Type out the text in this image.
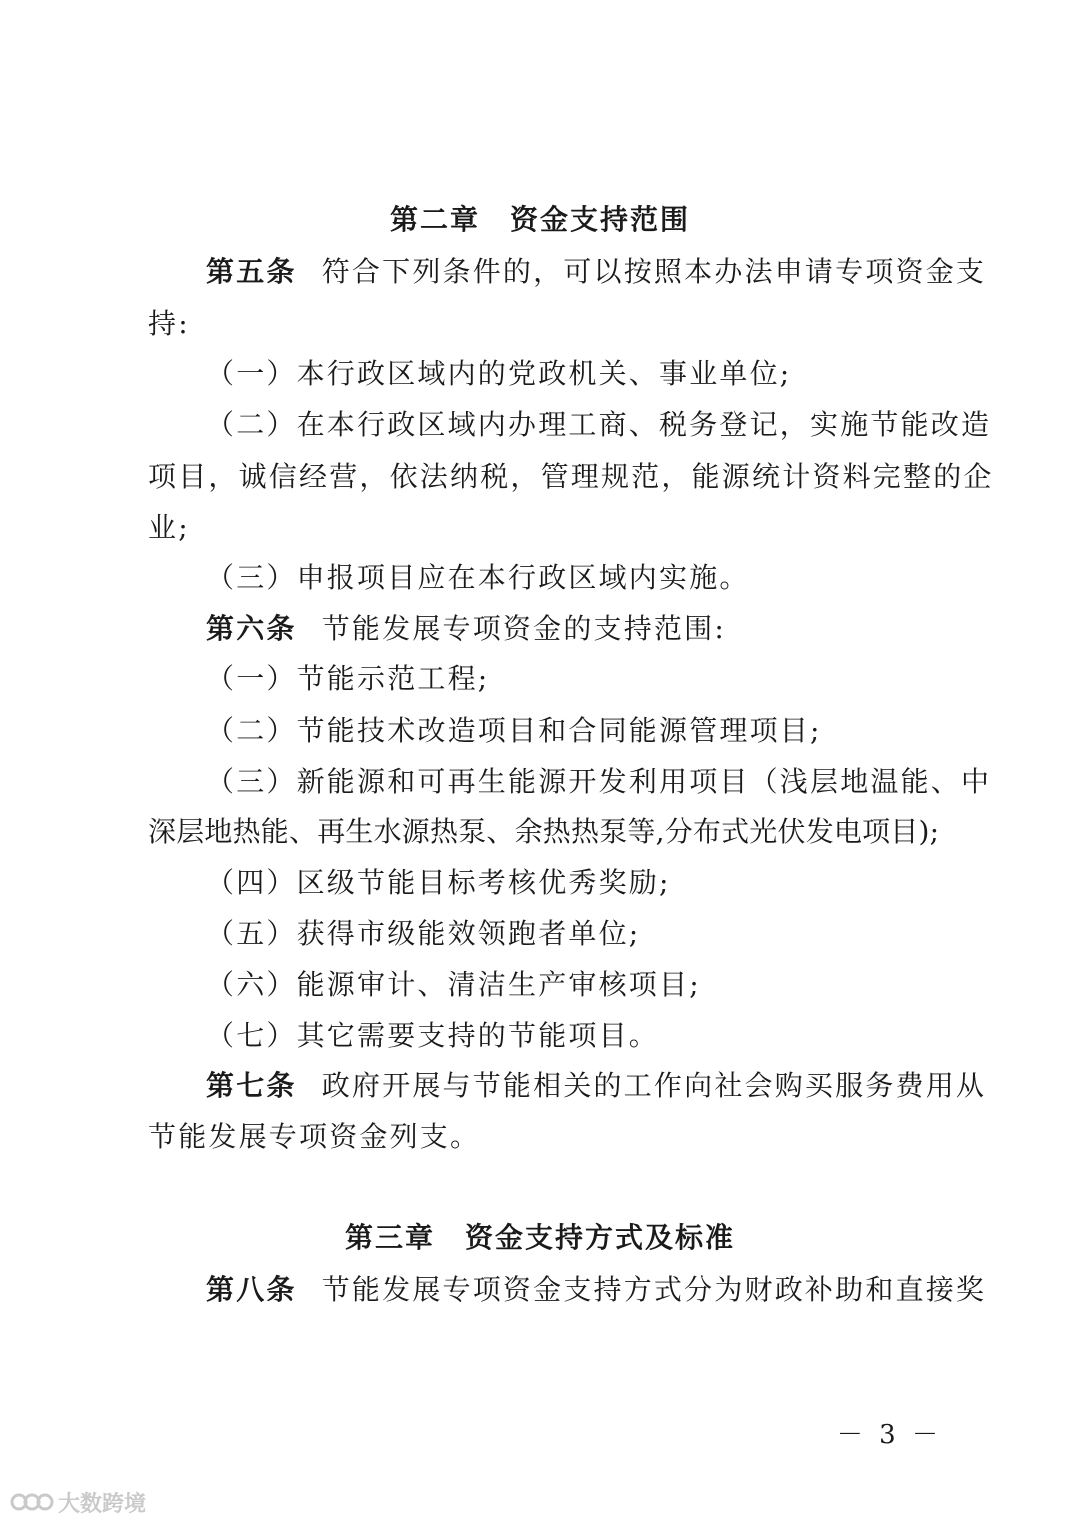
第二章　资金支持范围
第五条 符合下列条件的，可以按照本办法申请专项资金支
持:
（一）本行政区域内的党政机关、事业单位;
（二）在本行政区域内办理工商、税务登记，实施节能改造
项目，诚信经营，依法纳税，管理规范，能源统计资料完整的企
业;
（三）申报项目应在本行政区域内实施。
第六条 节能发展专项资金的支持范围:
（一）节能示范工程;
（二）节能技术改造项目和合同能源管理项目;
（三）新能源和可再生能源开发利用项目（浅层地温能、中
深层地热能、再生水源热泵、余热热泵等,分布式光伏发电项目);
（四）区级节能目标考核优秀奖励;
（五）获得市级能效领跑者单位;
（六）能源审计、清洁生产审核项目;
（七）其它需要支持的节能项目。
第七条 政府开展与节能相关的工作向社会购买服务费用从
节能发展专项资金列支。
第三章　资金支持方式及标准
第八条 节能发展专项资金支持方式分为财政补助和直接奖
－ 3 －
大数跨境
